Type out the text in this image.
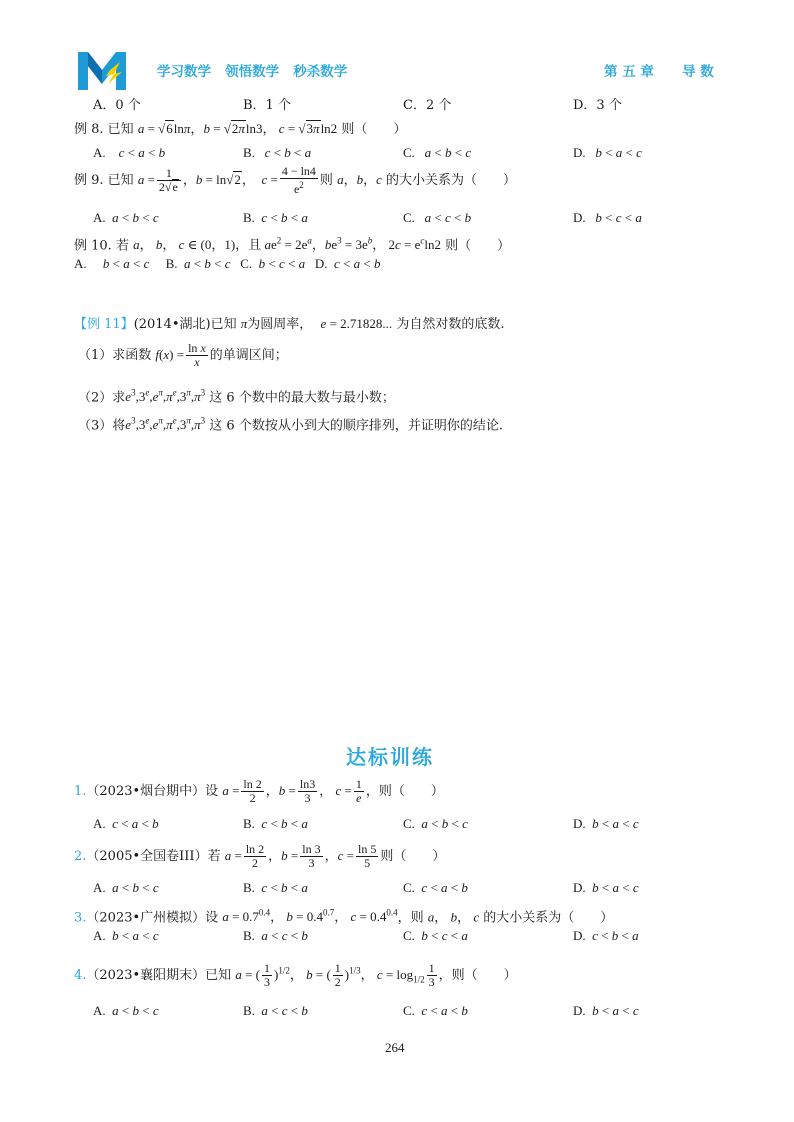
学习数学 领悟数学 秒杀数学	第 五 章 导 数
A．0 个	B．1 个	C．2 个	D．3 个
例 8. 已知 a = √6lnπ，b = √2πln3， c = √3πln2 则（　　）
A.    c < a < b	B.   c < b < a	C.   a < b < c	D.   b < a < c
例 9. 已知 $a = \frac{1}{2√e}$ ，b = ln√2，  $c = \frac{4 - \ln 4}{e^2}$ 则 a，b，c 的大小关系为（　　）
A.  a < b < c	B.  c < b < a	C.   a < c < b	D.   b < c < a
例 10. 若 a， b， c ∈ (0，1)，且 $ae^2 = 2e^a$，$be^3 = 3e^b$， $2c = e^c\ln 2$ 则（　　）
A.     b < a < c     B.  a < b < c   C.  b < c < a   D.  c < a < b
【例 11】(2014•湖北)已知 π为圆周率， e = 2.71828... 为自然对数的底数.
（1）求函数 $f(x) = \frac{\text{ln x}}{x}$ 的单调区间；
（2）求$e^3,3e,e^\pi,\pi^e,3^\pi,\pi^3$ 这 6 个数中的最大数与最小数；
（3）将$e^3,3e,e^\pi,\pi^e,3^\pi,\pi^3$ 这 6 个数按从小到大的顺序排列，并证明你的结论.
达标训练
1.（2023•烟台期中）设 $a = \frac{\ln 2}{2}$ ，$b = \frac{\ln 3}{3}$ ， $c = \frac{1}{e}$ ，则（　　）
A.  c < a < b	B.  c < b < a	C.  a < b < c	D.  b < a < c
2.（2005•全国卷III）若 $a = \frac{\ln 2}{2}$ ，$b = \frac{\ln 3}{3}$ ，$c = \frac{\ln 5}{5}$ 则（　　）
A.  a < b < c	B.  c < b < a	C.  c < a < b	D.  b < a < c
3.（2023•广州模拟）设 $a = 0.7^{0.4}$， $b = 0.4^{0.7}$， $c = 0.4^{0.4}$，则 a， b， c 的大小关系为（　　）
A.  b < a < c	B.  a < c < b	C.  b < c < a	D.  c < b < a
4.（2023•襄阳期末）已知 a = ( $\frac{1}{3} )^{1/2}$， b = ( $\frac{1}{2} )^{1/3}$， $c = \log_{1/2} \frac{1}{3}$ ，则（　　）
A.  a < b < c	B.  a < c < b	C.  c < a < b	D.  b < a < c
264
